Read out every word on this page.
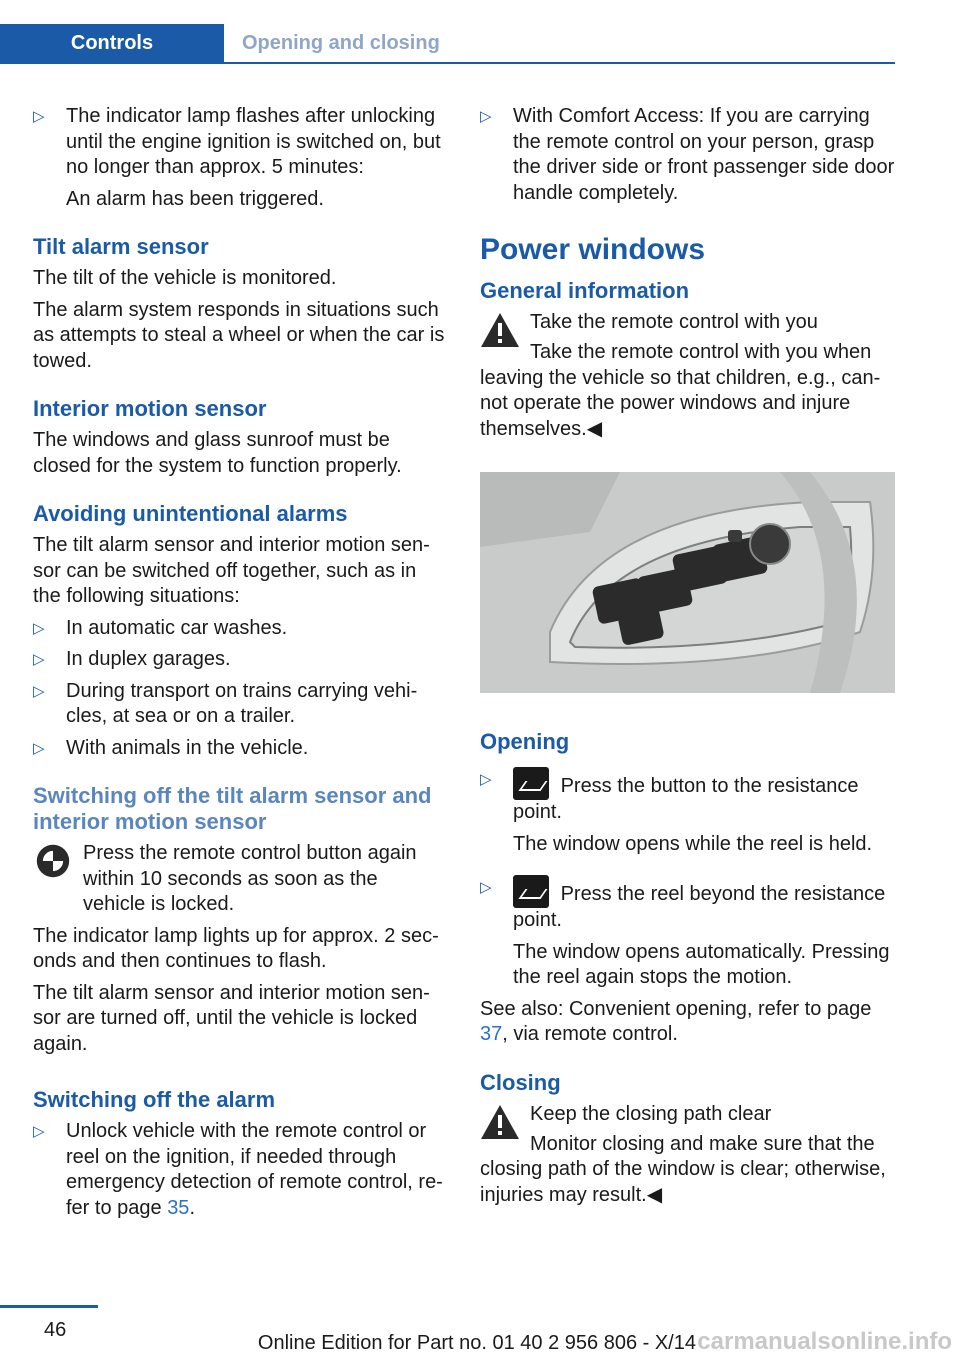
Controls	Opening and closing
▷ The indicator lamp flashes after unlocking until the engine ignition is switched on, but no longer than approx. 5 minutes:
An alarm has been triggered.
Tilt alarm sensor

The tilt of the vehicle is monitored.

The alarm system responds in situations such as attempts to steal a wheel or when the car is towed.

Interior motion sensor

The windows and glass sunroof must be closed for the system to function properly.

Avoiding unintentional alarms

The tilt alarm sensor and interior motion sen‐ sor can be switched off together, such as in the following situations:

▷ In automatic car washes.
▷ In duplex garages.
▷ During transport on trains carrying vehi‐ cles, at sea or on a trailer.
▷ With animals in the vehicle.
Switching off the tilt alarm sensor and interior motion sensor

Press the remote control button again within 10 seconds as soon as the vehicle is locked.

The indicator lamp lights up for approx. 2 sec‐ onds and then continues to flash.

The tilt alarm sensor and interior motion sen‐ sor are turned off, until the vehicle is locked again.

Switching off the alarm
▷ Unlock vehicle with the remote control or reel on the ignition, if needed through emergency detection of remote control, re‐ fer to page 35.
▷ With Comfort Access: If you are carrying the remote control on your person, grasp the driver side or front passenger side door handle completely.
Power windows
General information

Take the remote control with you

Take the remote control with you when leaving the vehicle so that children, e.g., can‐ not operate the power windows and injure themselves.◀

Opening
▷	Press the button to the resistance point.
The window opens while the reel is held.
▷	Press the reel beyond the resistance point.
The window opens automatically. Pressing the reel again stops the motion.

See also: Convenient opening, refer to page 37, via remote control.

Closing

Keep the closing path clear

Monitor closing and make sure that the closing path of the window is clear; otherwise, injuries may result.◀

46
Online Edition for Part no. 01 40 2 956 806 - X/14 carmanualsonline.info
